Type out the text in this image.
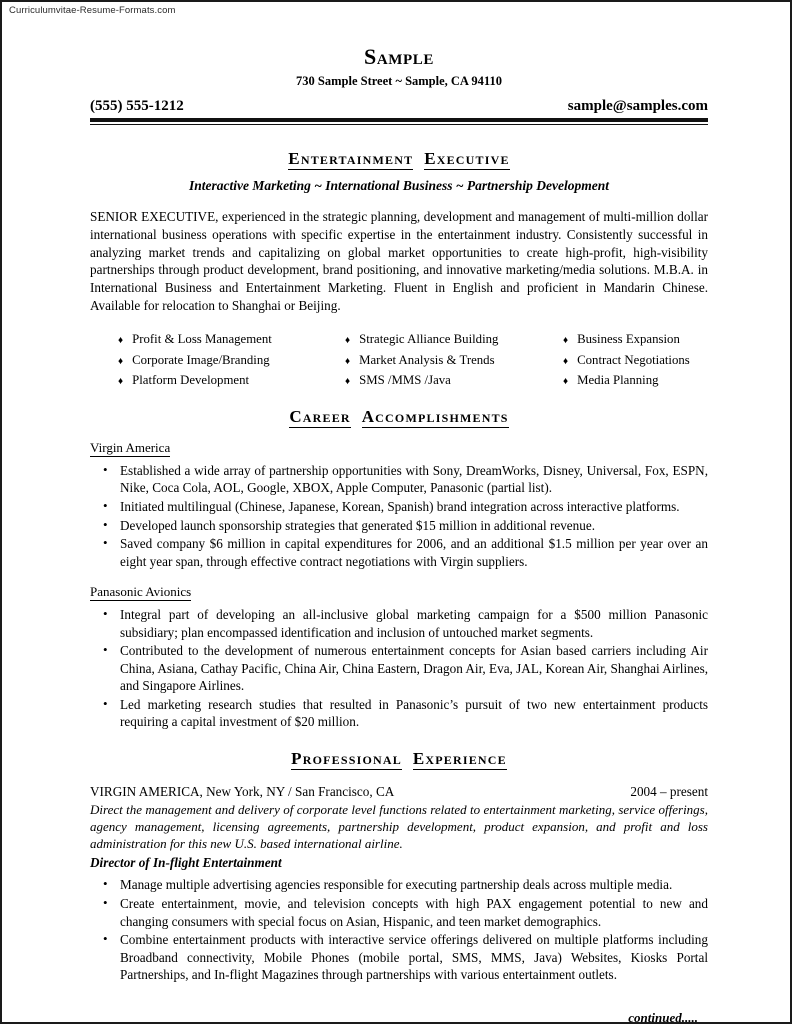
Curriculumvitae-Resume-Formats.com
Sample
730 Sample Street ~ Sample, CA 94110
(555) 555-1212	sample@samples.com
Entertainment Executive
Interactive Marketing ~ International Business ~ Partnership Development
SENIOR EXECUTIVE, experienced in the strategic planning, development and management of multi-million dollar international business operations with specific expertise in the entertainment industry. Consistently successful in analyzing market trends and capitalizing on global market opportunities to create high-profit, high-visibility partnerships through product development, brand positioning, and innovative marketing/media solutions. M.B.A. in International Business and Entertainment Marketing. Fluent in English and proficient in Mandarin Chinese. Available for relocation to Shanghai or Beijing.
♦ Profit & Loss Management	♦ Strategic Alliance Building	♦ Business Expansion
♦ Corporate Image/Branding	♦ Market Analysis & Trends	♦ Contract Negotiations
♦ Platform Development	♦ SMS /MMS /Java	♦ Media Planning
Career Accomplishments
Virgin America
• Established a wide array of partnership opportunities with Sony, DreamWorks, Disney, Universal, Fox, ESPN, Nike, Coca Cola, AOL, Google, XBOX, Apple Computer, Panasonic (partial list).
• Initiated multilingual (Chinese, Japanese, Korean, Spanish) brand integration across interactive platforms.
• Developed launch sponsorship strategies that generated $15 million in additional revenue.
• Saved company $6 million in capital expenditures for 2006, and an additional $1.5 million per year over an eight year span, through effective contract negotiations with Virgin suppliers.
Panasonic Avionics
• Integral part of developing an all-inclusive global marketing campaign for a $500 million Panasonic subsidiary; plan encompassed identification and inclusion of untouched market segments.
• Contributed to the development of numerous entertainment concepts for Asian based carriers including Air China, Asiana, Cathay Pacific, China Air, China Eastern, Dragon Air, Eva, JAL, Korean Air, Shanghai Airlines, and Singapore Airlines.
• Led marketing research studies that resulted in Panasonic’s pursuit of two new entertainment products requiring a capital investment of $20 million.
Professional Experience
VIRGIN AMERICA, New York, NY / San Francisco, CA	2004 – present
Direct the management and delivery of corporate level functions related to entertainment marketing, service offerings, agency management, licensing agreements, partnership development, product expansion, and profit and loss administration for this new U.S. based international airline.
Director of In-flight Entertainment
• Manage multiple advertising agencies responsible for executing partnership deals across multiple media.
• Create entertainment, movie, and television concepts with high PAX engagement potential to new and changing consumers with special focus on Asian, Hispanic, and teen market demographics.
• Combine entertainment products with interactive service offerings delivered on multiple platforms including Broadband connectivity, Mobile Phones (mobile portal, SMS, MMS, Java) Websites, Kiosks Portal Partnerships, and In-flight Magazines through partnerships with various entertainment outlets.
continued.....
